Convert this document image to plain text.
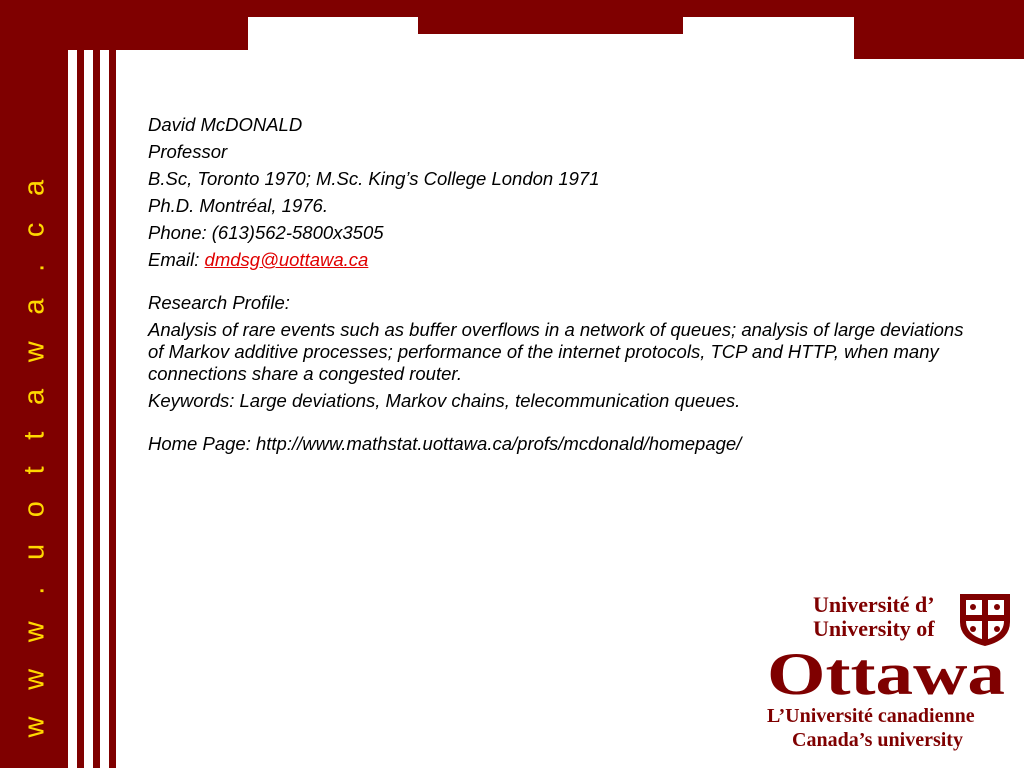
w w w . u o t t a w a . c a
David McDONALD
Professor
B.Sc, Toronto 1970; M.Sc. King’s College London 1971
Ph.D. Montréal, 1976.
Phone: (613)562-5800x3505
Email: dmdsg@uottawa.ca
Research Profile:
Analysis of rare events such as buffer overflows in a network of queues; analysis of large deviations of Markov additive processes; performance of the internet protocols, TCP and HTTP, when many connections share a congested router.
Keywords: Large deviations, Markov chains, telecommunication queues.
Home Page: http://www.mathstat.uottawa.ca/profs/mcdonald/homepage/
Université d’
University of
Ottawa
L’Université canadienne
Canada’s university
